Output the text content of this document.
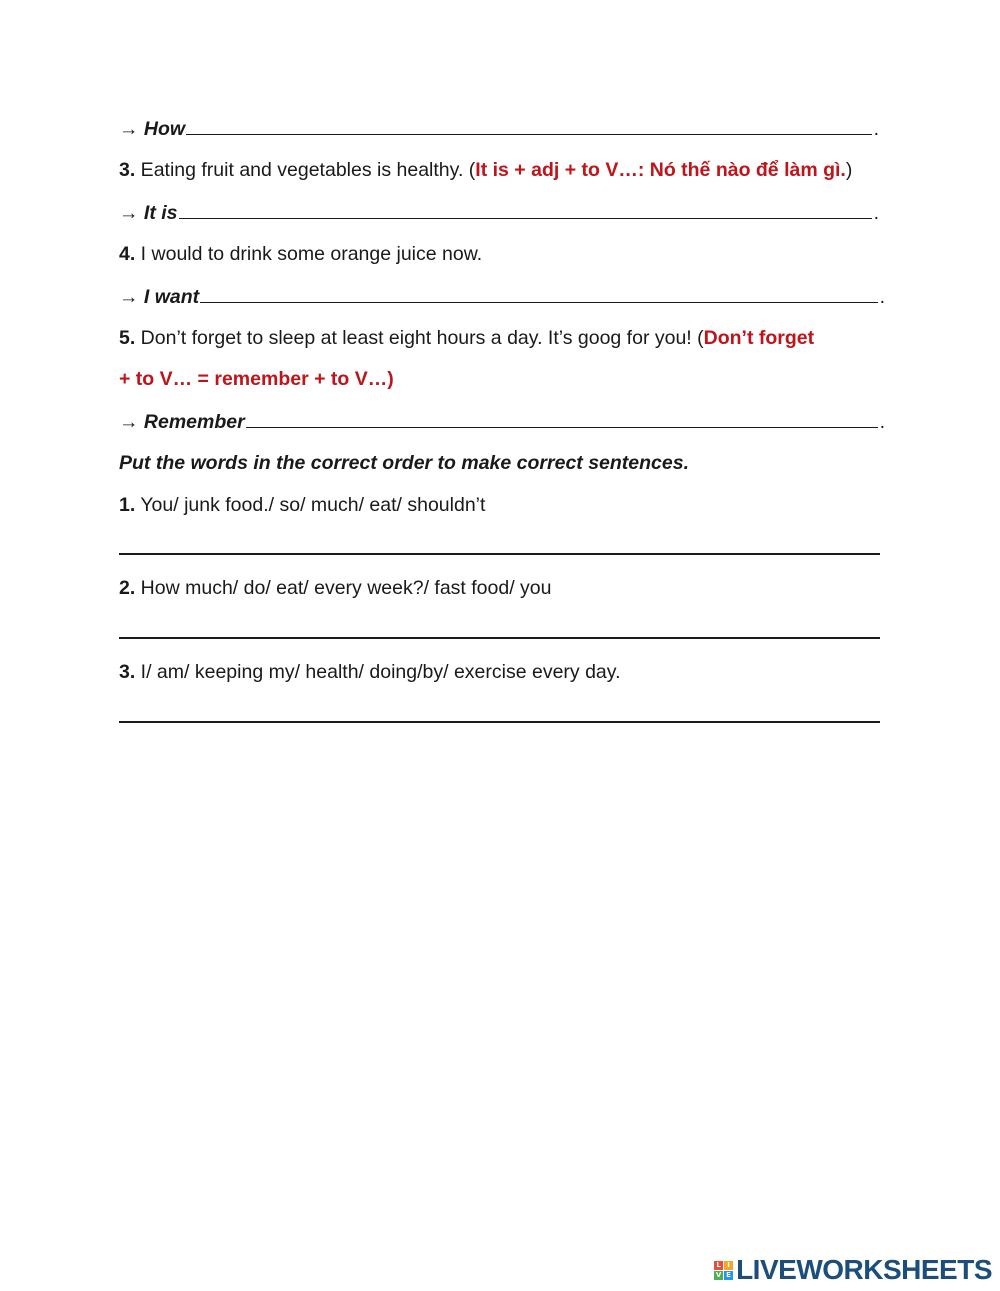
→ How	.
3. Eating fruit and vegetables is healthy. (It is + adj + to V…: Nó thế nào để làm gì.)
→ It is	.
4. I would to drink some orange juice now.
→ I want	.
5. Don’t forget to sleep at least eight hours a day. It’s goog for you! (Don’t forget
+ to V… = remember + to V…)
→ Remember	.
Put the words in the correct order to make correct sentences.
1. You/ junk food./ so/ much/ eat/ shouldn’t
2. How much/ do/ eat/ every week?/ fast food/ you
3. I/ am/ keeping my/ health/ doing/by/ exercise every day.
L I
V E LIVEWORKSHEETS
